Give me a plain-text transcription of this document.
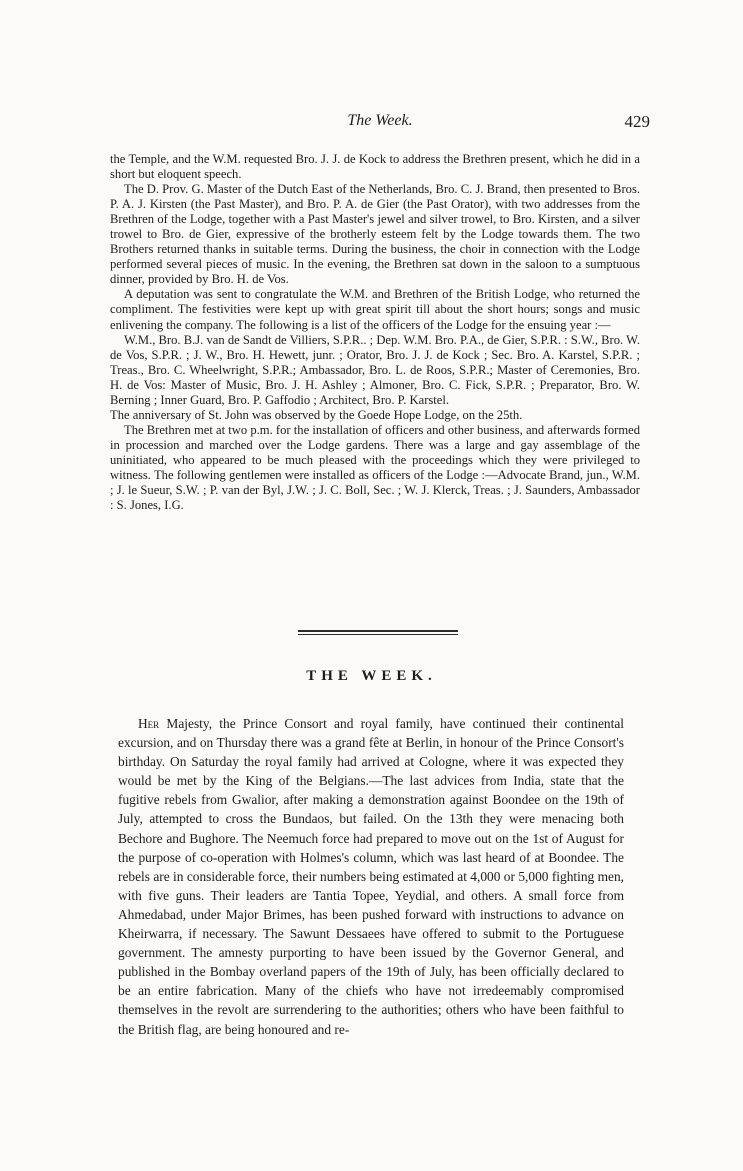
The Week.	429

the Temple, and the W.M. requested Bro. J. J. de Kock to address the Brethren present, which he did in a short but eloquent speech.

The D. Prov. G. Master of the Dutch East of the Netherlands, Bro. C. J. Brand, then presented to Bros. P. A. J. Kirsten (the Past Master), and Bro. P. A. de Gier (the Past Orator), with two addresses from the Brethren of the Lodge, together with a Past Master's jewel and silver trowel, to Bro. Kirsten, and a silver trowel to Bro. de Gier, expressive of the brotherly esteem felt by the Lodge towards them. The two Brothers returned thanks in suitable terms. During the business, the choir in connection with the Lodge performed several pieces of music. In the evening, the Brethren sat down in the saloon to a sumptuous dinner, provided by Bro. H. de Vos.

A deputation was sent to congratulate the W.M. and Brethren of the British Lodge, who returned the compliment. The festivities were kept up with great spirit till about the short hours; songs and music enlivening the company. The following is a list of the officers of the Lodge for the ensuing year :—

W.M., Bro. B.J. van de Sandt de Villiers, S.P.R.. ; Dep. W.M. Bro. P.A., de Gier, S.P.R. : S.W., Bro. W. de Vos, S.P.R. ; J. W., Bro. H. Hewett, junr. ; Orator, Bro. J. J. de Kock ; Sec. Bro. A. Karstel, S.P.R. ; Treas., Bro. C. Wheelwright, S.P.R.; Ambassador, Bro. L. de Roos, S.P.R.; Master of Ceremonies, Bro. H. de Vos: Master of Music, Bro. J. H. Ashley ; Almoner, Bro. C. Fick, S.P.R. ; Preparator, Bro. W. Berning ; Inner Guard, Bro. P. Gaffodio ; Architect, Bro. P. Karstel.

The anniversary of St. John was observed by the Goede Hope Lodge, on the 25th.

The Brethren met at two p.m. for the installation of officers and other business, and afterwards formed in procession and marched over the Lodge gardens. There was a large and gay assemblage of the uninitiated, who appeared to be much pleased with the proceedings which they were privileged to witness. The following gentlemen were installed as officers of the Lodge :—Advocate Brand, jun., W.M. ; J. le Sueur, S.W. ; P. van der Byl, J.W. ; J. C. Boll, Sec. ; W. J. Klerck, Treas. ; J. Saunders, Ambassador : S. Jones, I.G.

THE WEEK.

Her Majesty, the Prince Consort and royal family, have continued their continental excursion, and on Thursday there was a grand fête at Berlin, in honour of the Prince Consort's birthday. On Saturday the royal family had arrived at Cologne, where it was expected they would be met by the King of the Belgians.—The last advices from India, state that the fugitive rebels from Gwalior, after making a demonstration against Boondee on the 19th of July, attempted to cross the Bundaos, but failed. On the 13th they were menacing both Bechore and Bughore. The Neemuch force had prepared to move out on the 1st of August for the purpose of co-operation with Holmes's column, which was last heard of at Boondee. The rebels are in considerable force, their numbers being estimated at 4,000 or 5,000 fighting men, with five guns. Their leaders are Tantia Topee, Yeydial, and others. A small force from Ahmedabad, under Major Brimes, has been pushed forward with instructions to advance on Kheirwarra, if necessary. The Sawunt Dessaees have offered to submit to the Portuguese government. The amnesty purporting to have been issued by the Governor General, and published in the Bombay overland papers of the 19th of July, has been officially declared to be an entire fabrication. Many of the chiefs who have not irredeemably compromised themselves in the revolt are surrendering to the authorities; others who have been faithful to the British flag, are being honoured and re-
